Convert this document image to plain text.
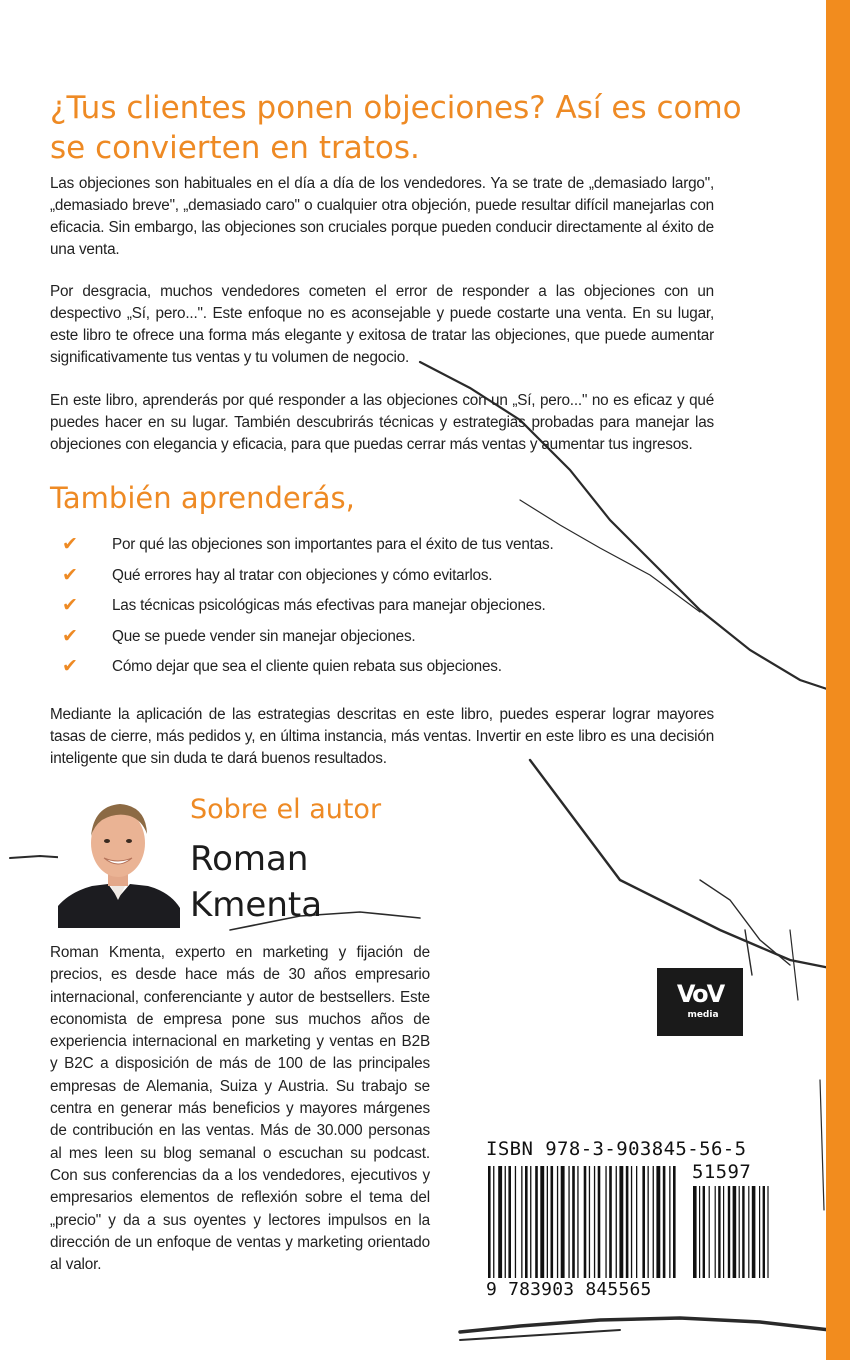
¿Tus clientes ponen objeciones? Así es como se convierten en tratos.

Las objeciones son habituales en el día a día de los vendedores. Ya se trate de „demasiado largo", „demasiado breve", „demasiado caro" o cualquier otra objeción, puede resultar difícil manejarlas con eficacia. Sin embargo, las objeciones son cruciales porque pueden conducir directamente al éxito de una venta.

Por desgracia, muchos vendedores cometen el error de responder a las objeciones con un despectivo „Sí, pero...". Este enfoque no es aconsejable y puede costarte una venta. En su lugar, este libro te ofrece una forma más elegante y exitosa de tratar las objeciones, que puede aumentar significativamente tus ventas y tu volumen de negocio.

En este libro, aprenderás por qué responder a las objeciones con un „Sí, pero..." no es eficaz y qué puedes hacer en su lugar. También descubrirás técnicas y estrategias probadas para manejar las objeciones con elegancia y eficacia, para que puedas cerrar más ventas y aumentar tus ingresos.

También aprenderás,
✔	Por qué las objeciones son importantes para el éxito de tus ventas.
✔	Qué errores hay al tratar con objeciones y cómo evitarlos.
✔	Las técnicas psicológicas más efectivas para manejar objeciones.
✔	Que se puede vender sin manejar objeciones.
✔	Cómo dejar que sea el cliente quien rebata sus objeciones.

Mediante la aplicación de las estrategias descritas en este libro, puedes esperar lograr mayores tasas de cierre, más pedidos y, en última instancia, más ventas. Invertir en este libro es una decisión inteligente que sin duda te dará buenos resultados.

Sobre el autor

Roman Kmenta

Roman Kmenta, experto en marketing y fijación de precios, es desde hace más de 30 años empresario internacional, conferenciante y autor de bestsellers. Este economista de empresa pone sus muchos años de experiencia internacional en marketing y ventas en B2B y B2C a disposición de más de 100 de las principales empresas de Alemania, Suiza y Austria. Su trabajo se centra en generar más beneficios y mayores márgenes de contribución en las ventas. Más de 30.000 personas al mes leen su blog semanal o escuchan su podcast. Con sus conferencias da a los vendedores, ejecutivos y empresarios elementos de reflexión sobre el tema del „precio" y da a sus oyentes y lectores impulsos en la dirección de un enfoque de ventas y marketing orientado al valor.

VoV
media

ISBN 978-3-903845-56-5

51597

9 783903 845565
